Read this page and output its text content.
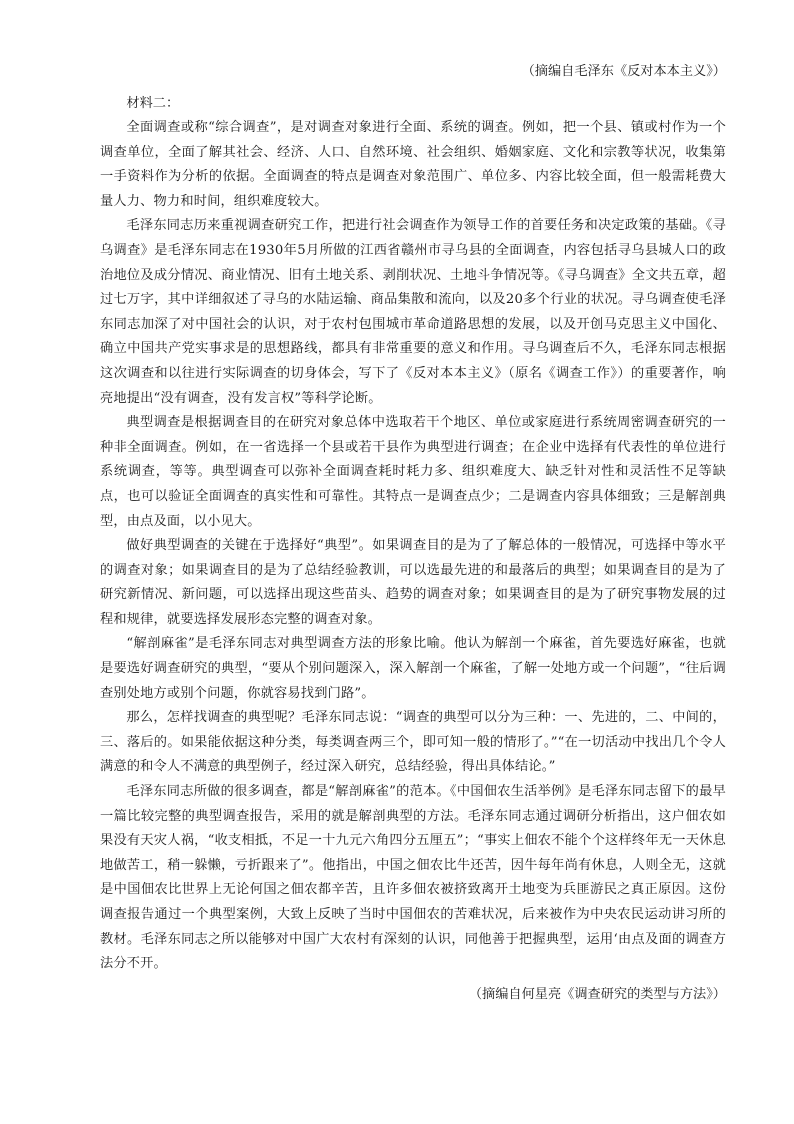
（摘编自毛泽东《反对本本主义》）

材料二：

全面调查或称“综合调查”，是对调查对象进行全面、系统的调查。例如，把一个县、镇或村作为一个调查单位，全面了解其社会、经济、人口、自然环境、社会组织、婚姻家庭、文化和宗教等状况，收集第一手资料作为分析的依据。全面调查的特点是调查对象范围广、单位多、内容比较全面，但一般需耗费大量人力、物力和时间，组织难度较大。

毛泽东同志历来重视调查研究工作，把进行社会调查作为领导工作的首要任务和决定政策的基础。《寻乌调查》是毛泽东同志在1930年5月所做的江西省赣州市寻乌县的全面调查，内容包括寻乌县城人口的政治地位及成分情况、商业情况、旧有土地关系、剥削状况、土地斗争情况等。《寻乌调查》全文共五章，超过七万字，其中详细叙述了寻乌的水陆运输、商品集散和流向，以及20多个行业的状况。寻乌调查使毛泽东同志加深了对中国社会的认识，对于农村包围城市革命道路思想的发展，以及开创马克思主义中国化、确立中国共产党实事求是的思想路线，都具有非常重要的意义和作用。寻乌调查后不久，毛泽东同志根据这次调查和以往进行实际调查的切身体会，写下了《反对本本主义》（原名《调查工作》）的重要著作，响亮地提出“没有调查，没有发言权”等科学论断。

典型调查是根据调查目的在研究对象总体中选取若干个地区、单位或家庭进行系统周密调查研究的一种非全面调查。例如，在一省选择一个县或若干县作为典型进行调查；在企业中选择有代表性的单位进行系统调查，等等。典型调查可以弥补全面调查耗时耗力多、组织难度大、缺乏针对性和灵活性不足等缺点，也可以验证全面调查的真实性和可靠性。其特点一是调查点少；二是调查内容具体细致；三是解剖典型，由点及面，以小见大。

做好典型调查的关键在于选择好“典型”。如果调查目的是为了了解总体的一般情况，可选择中等水平的调查对象；如果调查目的是为了总结经验教训，可以选最先进的和最落后的典型；如果调查目的是为了研究新情况、新问题，可以选择出现这些苗头、趋势的调查对象；如果调查目的是为了研究事物发展的过程和规律，就要选择发展形态完整的调查对象。

“解剖麻雀”是毛泽东同志对典型调查方法的形象比喻。他认为解剖一个麻雀，首先要选好麻雀，也就是要选好调查研究的典型，“要从个别问题深入，深入解剖一个麻雀，了解一处地方或一个问题”，“往后调查别处地方或别个问题，你就容易找到门路”。

那么，怎样找调查的典型呢？毛泽东同志说：“调查的典型可以分为三种：一、先进的，二、中间的，三、落后的。如果能依据这种分类，每类调查两三个，即可知一般的情形了。”“在一切活动中找出几个令人满意的和令人不满意的典型例子，经过深入研究，总结经验，得出具体结论。”

毛泽东同志所做的很多调查，都是“解剖麻雀”的范本。《中国佃农生活举例》是毛泽东同志留下的最早一篇比较完整的典型调查报告，采用的就是解剖典型的方法。毛泽东同志通过调研分析指出，这户佃农如果没有天灾人祸，“收支相抵，不足一十九元六角四分五厘五”；“事实上佃农不能个个这样终年无一天休息地做苦工，稍一躲懒，亏折跟来了”。他指出，中国之佃农比牛还苦，因牛每年尚有休息，人则全无，这就是中国佃农比世界上无论何国之佃农都辛苦，且许多佃农被挤致离开土地变为兵匪游民之真正原因。这份调查报告通过一个典型案例，大致上反映了当时中国佃农的苦难状况，后来被作为中央农民运动讲习所的教材。毛泽东同志之所以能够对中国广大农村有深刻的认识，同他善于把握典型，运用‘由点及面的调查方法分不开。

（摘编自何星亮《调查研究的类型与方法》）
